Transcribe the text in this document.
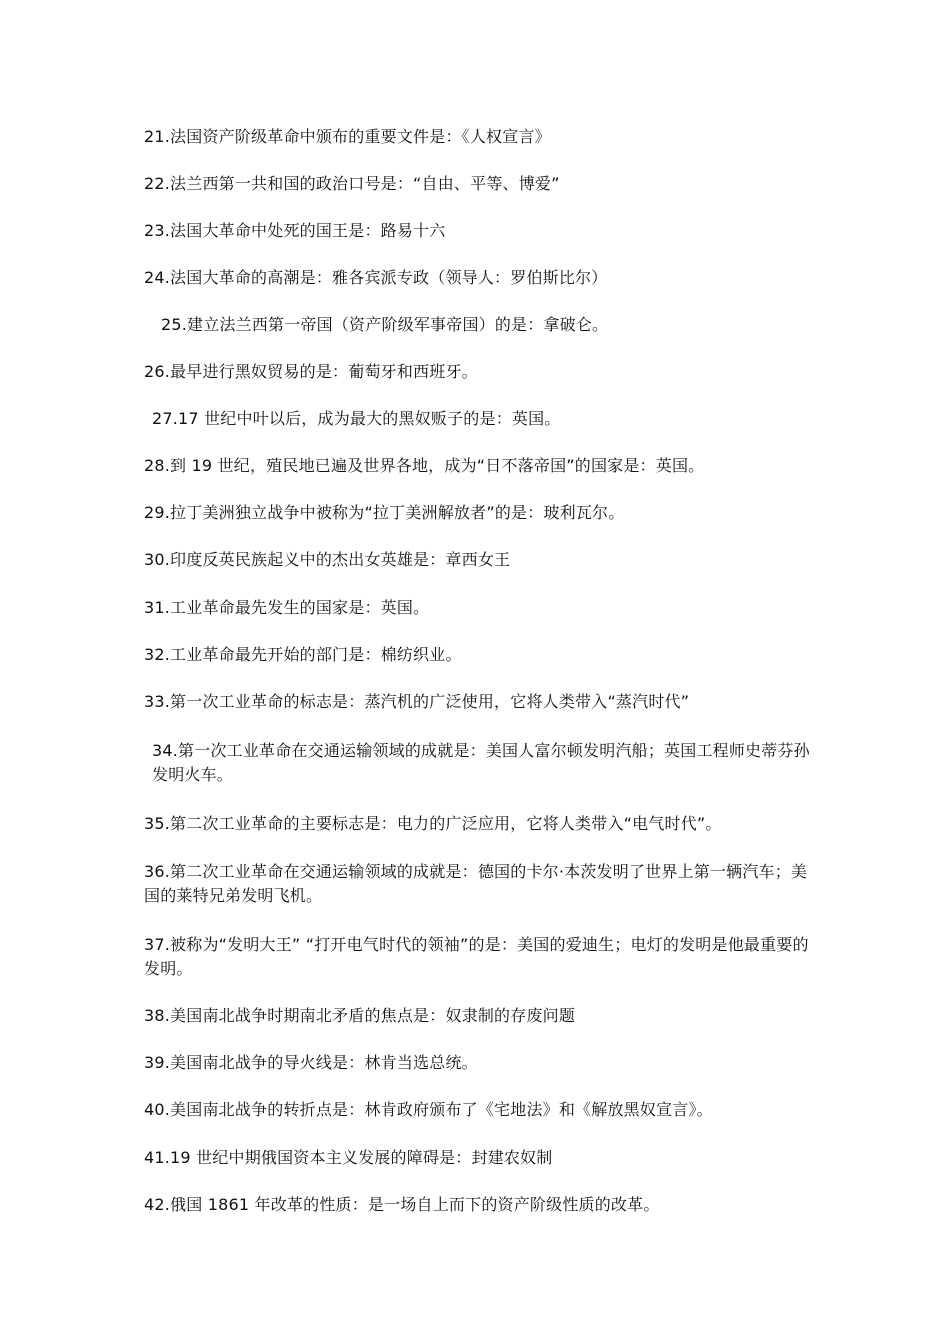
21.法国资产阶级革命中颁布的重要文件是：《人权宣言》
22.法兰西第一共和国的政治口号是：“自由、平等、博爱”
23.法国大革命中处死的国王是：路易十六
24.法国大革命的高潮是：雅各宾派专政（领导人：罗伯斯比尔）
25.建立法兰西第一帝国（资产阶级军事帝国）的是：拿破仑。
26.最早进行黑奴贸易的是：葡萄牙和西班牙。
27.17 世纪中叶以后，成为最大的黑奴贩子的是：英国。
28.到 19 世纪，殖民地已遍及世界各地，成为“日不落帝国”的国家是：英国。
29.拉丁美洲独立战争中被称为“拉丁美洲解放者”的是：玻利瓦尔。
30.印度反英民族起义中的杰出女英雄是：章西女王
31.工业革命最先发生的国家是：英国。
32.工业革命最先开始的部门是：棉纺织业。
33.第一次工业革命的标志是：蒸汽机的广泛使用，它将人类带入“蒸汽时代”
34.第一次工业革命在交通运输领域的成就是：美国人富尔顿发明汽船；英国工程师史蒂芬孙发明火车。
35.第二次工业革命的主要标志是：电力的广泛应用，它将人类带入“电气时代”。
36.第二次工业革命在交通运输领域的成就是：德国的卡尔·本茨发明了世界上第一辆汽车；美国的莱特兄弟发明飞机。
37.被称为“发明大王” “打开电气时代的领袖”的是：美国的爱迪生；电灯的发明是他最重要的发明。
38.美国南北战争时期南北矛盾的焦点是：奴隶制的存废问题
39.美国南北战争的导火线是：林肯当选总统。
40.美国南北战争的转折点是：林肯政府颁布了《宅地法》和《解放黑奴宣言》。
41.19 世纪中期俄国资本主义发展的障碍是：封建农奴制
42.俄国 1861 年改革的性质：是一场自上而下的资产阶级性质的改革。
